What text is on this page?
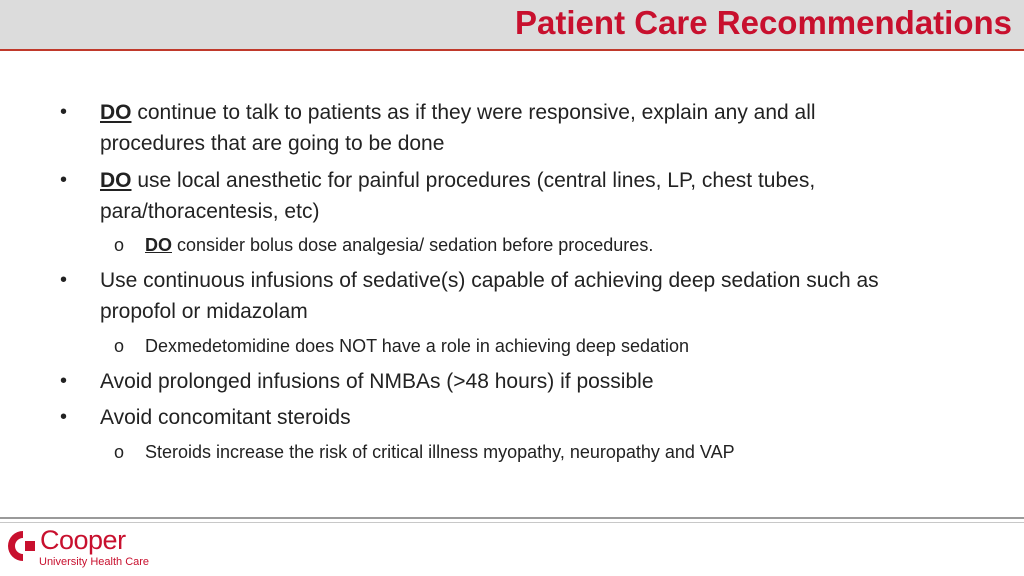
Patient Care Recommendations
• DO continue to talk to patients as if they were responsive, explain any and all
procedures that are going to be done
• DO use local anesthetic for painful procedures (central lines, LP, chest tubes,
para/thoracentesis, etc)
o DO consider bolus dose analgesia/ sedation before procedures.
• Use continuous infusions of sedative(s) capable of achieving deep sedation such as
propofol or midazolam
o Dexmedetomidine does NOT have a role in achieving deep sedation
• Avoid prolonged infusions of NMBAs (>48 hours) if possible
• Avoid concomitant steroids
o Steroids increase the risk of critical illness myopathy, neuropathy and VAP
Cooper
University Health Care
